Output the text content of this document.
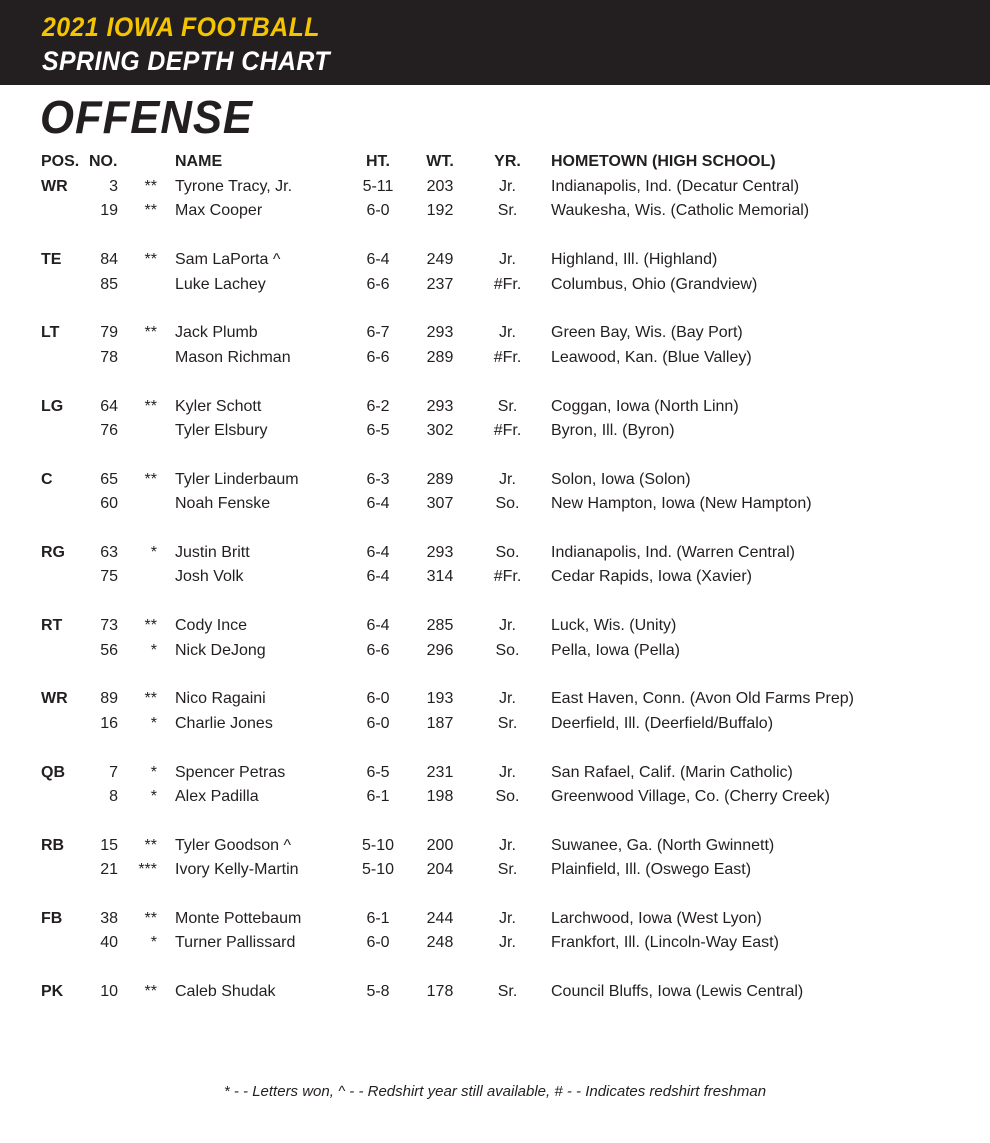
2021 IOWA FOOTBALL
SPRING DEPTH CHART
OFFENSE
POS. NO.	NAME	HT.	WT.	YR.	HOMETOWN (HIGH SCHOOL)
WR	3	** Tyrone Tracy, Jr.	5-11	203	Jr.	Indianapolis, Ind. (Decatur Central)
19	** Max Cooper	6-0	192	Sr.	Waukesha, Wis. (Catholic Memorial)
TE	84	** Sam LaPorta ^	6-4	249	Jr.	Highland, Ill. (Highland)
85	Luke Lachey	6-6	237	#Fr.	Columbus, Ohio (Grandview)
LT	79	** Jack Plumb	6-7	293	Jr.	Green Bay, Wis. (Bay Port)
78	Mason Richman	6-6	289	#Fr.	Leawood, Kan. (Blue Valley)
LG	64	** Kyler Schott	6-2	293	Sr.	Coggan, Iowa (North Linn)
76	Tyler Elsbury	6-5	302	#Fr.	Byron, Ill. (Byron)
C	65	** Tyler Linderbaum	6-3	289	Jr.	Solon, Iowa (Solon)
60	Noah Fenske	6-4	307	So.	New Hampton, Iowa (New Hampton)
RG	63	* Justin Britt	6-4	293	So.	Indianapolis, Ind. (Warren Central)
75	Josh Volk	6-4	314	#Fr.	Cedar Rapids, Iowa (Xavier)
RT	73	** Cody Ince	6-4	285	Jr.	Luck, Wis. (Unity)
56	* Nick DeJong	6-6	296	So.	Pella, Iowa (Pella)
WR	89	** Nico Ragaini	6-0	193	Jr.	East Haven, Conn. (Avon Old Farms Prep)
16	* Charlie Jones	6-0	187	Sr.	Deerfield, Ill. (Deerfield/Buffalo)
QB	7	* Spencer Petras	6-5	231	Jr.	San Rafael, Calif. (Marin Catholic)
8	* Alex Padilla	6-1	198	So.	Greenwood Village, Co. (Cherry Creek)
RB	15	** Tyler Goodson ^	5-10	200	Jr.	Suwanee, Ga. (North Gwinnett)
21	*** Ivory Kelly-Martin	5-10	204	Sr.	Plainfield, Ill. (Oswego East)
FB	38	** Monte Pottebaum	6-1	244	Jr.	Larchwood, Iowa (West Lyon)
40	* Turner Pallissard	6-0	248	Jr.	Frankfort, Ill. (Lincoln-Way East)
PK	10	** Caleb Shudak	5-8	178	Sr.	Council Bluffs, Iowa (Lewis Central)
* - - Letters won, ^ - - Redshirt year still available, # - - Indicates redshirt freshman
